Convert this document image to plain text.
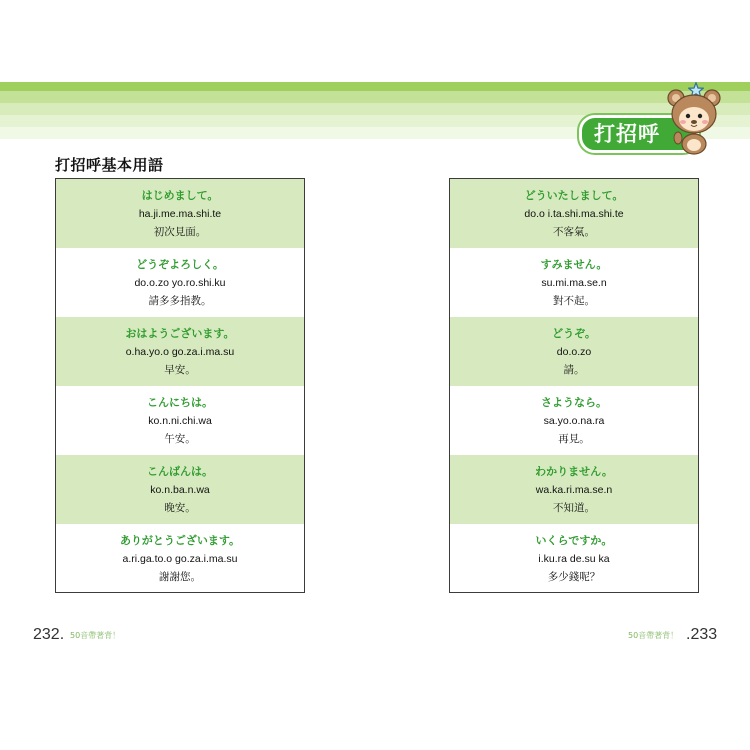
打招呼
打招呼基本用語
はじめまして。
ha.ji.me.ma.shi.te
初次見面。
どうぞよろしく。
do.o.zo yo.ro.shi.ku
請多多指教。
おはようございます。
o.ha.yo.o go.za.i.ma.su
早安。
こんにちは。
ko.n.ni.chi.wa
午安。
こんばんは。
ko.n.ba.n.wa
晚安。
ありがとうございます。
a.ri.ga.to.o go.za.i.ma.su
謝謝您。
どういたしまして。
do.o i.ta.shi.ma.shi.te
不客氣。
すみません。
su.mi.ma.se.n
對不起。
どうぞ。
do.o.zo
請。
さようなら。
sa.yo.o.na.ra
再見。
わかりません。
wa.ka.ri.ma.se.n
不知道。
いくらですか。
i.ku.ra de.su ka
多少錢呢？
232. 50音帶著背！	50音帶著背！ .233
